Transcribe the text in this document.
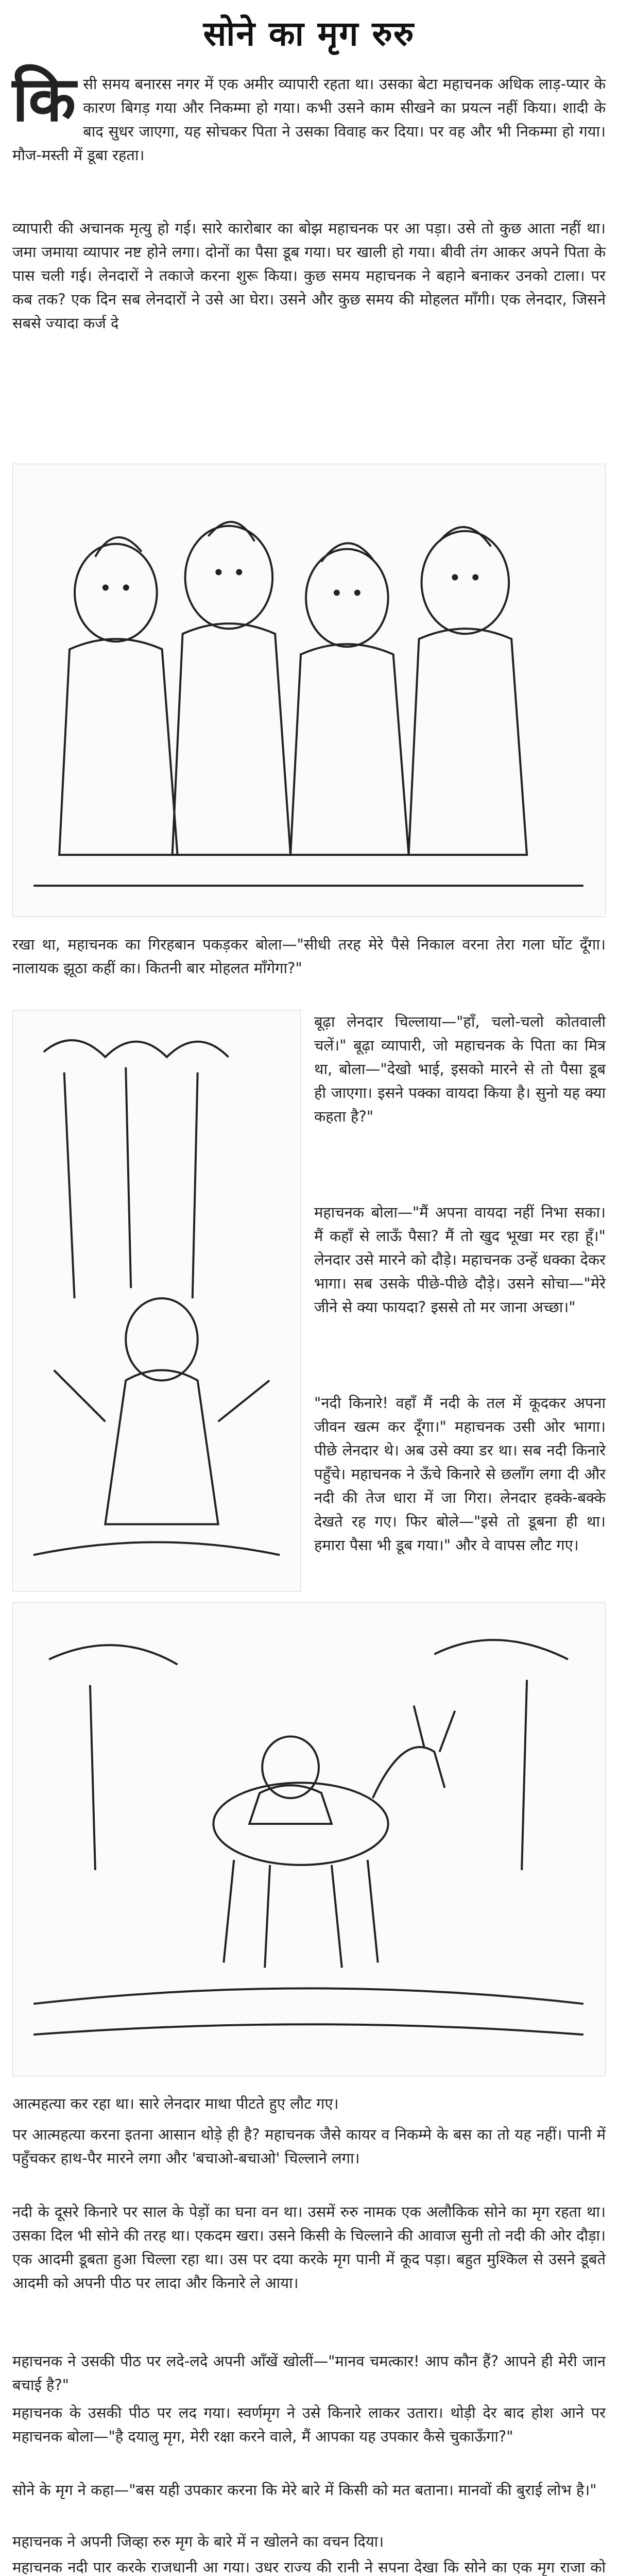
सोने का मृग रुरु
कि सी समय बनारस नगर में एक अमीर व्यापारी रहता था। उसका बेटा महाचनक अधिक लाड़-प्यार के कारण बिगड़ गया और निकम्मा हो गया। कभी उसने काम सीखने का प्रयत्न नहीं किया। शादी के बाद सुधर जाएगा, यह सोचकर पिता ने उसका विवाह कर दिया। पर वह और भी निकम्मा हो गया। मौज-मस्ती में डूबा रहता।

व्यापारी की अचानक मृत्यु हो गई। सारे कारोबार का बोझ महाचनक पर आ पड़ा। उसे तो कुछ आता नहीं था। जमा जमाया व्यापार नष्ट होने लगा। दोनों का पैसा डूब गया। घर खाली हो गया। बीवी तंग आकर अपने पिता के पास चली गई। लेनदारों ने तकाजे करना शुरू किया। कुछ समय महाचनक ने बहाने बनाकर उनको टाला। पर कब तक? एक दिन सब लेनदारों ने उसे आ घेरा। उसने और कुछ समय की मोहलत माँगी। एक लेनदार, जिसने सबसे ज्यादा कर्ज दे

रखा था, महाचनक का गिरहबान पकड़कर बोला—"सीधी तरह मेरे पैसे निकाल वरना तेरा गला घोंट दूँगा। नालायक झूठा कहीं का। कितनी बार मोहलत माँगेगा?"

बूढ़ा लेनदार चिल्लाया—"हाँ, चलो-चलो कोतवाली चलें।" बूढ़ा व्यापारी, जो महाचनक के पिता का मित्र था, बोला—"देखो भाई, इसको मारने से तो पैसा डूब ही जाएगा। इसने पक्का वायदा किया है। सुनो यह क्या कहता है?"

महाचनक बोला—"मैं अपना वायदा नहीं निभा सका। मैं कहाँ से लाऊँ पैसा? मैं तो खुद भूखा मर रहा हूँ।" लेनदार उसे मारने को दौड़े। महाचनक उन्हें धक्का देकर भागा। सब उसके पीछे-पीछे दौड़े। उसने सोचा—"मेरे जीने से क्या फायदा? इससे तो मर जाना अच्छा।"

"नदी किनारे! वहाँ मैं नदी के तल में कूदकर अपना जीवन खत्म कर दूँगा।" महाचनक उसी ओर भागा। पीछे लेनदार थे। अब उसे क्या डर था। सब नदी किनारे पहुँचे। महाचनक ने ऊँचे किनारे से छलाँग लगा दी और नदी की तेज धारा में जा गिरा। लेनदार हक्के-बक्के देखते रह गए। फिर बोले—"इसे तो डूबना ही था। हमारा पैसा भी डूब गया।" और वे वापस लौट गए।

आत्महत्या कर रहा था। सारे लेनदार माथा पीटते हुए लौट गए।

पर आत्महत्या करना इतना आसान थोड़े ही है? महाचनक जैसे कायर व निकम्मे के बस का तो यह नहीं। पानी में पहुँचकर हाथ-पैर मारने लगा और 'बचाओ-बचाओ' चिल्लाने लगा।

नदी के दूसरे किनारे पर साल के पेड़ों का घना वन था। उसमें रुरु नामक एक अलौकिक सोने का मृग रहता था। उसका दिल भी सोने की तरह था। एकदम खरा। उसने किसी के चिल्लाने की आवाज सुनी तो नदी की ओर दौड़ा। एक आदमी डूबता हुआ चिल्ला रहा था। उस पर दया करके मृग पानी में कूद पड़ा। बहुत मुश्किल से उसने डूबते आदमी को अपनी पीठ पर लादा और किनारे ले आया।

महाचनक ने उसकी पीठ पर लदे-लदे अपनी आँखें खोलीं—"मानव चमत्कार! आप कौन हैं? आपने ही मेरी जान बचाई है?"

महाचनक के उसकी पीठ पर लद गया। स्वर्णमृग ने उसे किनारे लाकर उतारा। थोड़ी देर बाद होश आने पर महाचनक बोला—"है दयालु मृग, मेरी रक्षा करने वाले, मैं आपका यह उपकार कैसे चुकाऊँगा?"

सोने के मृग ने कहा—"बस यही उपकार करना कि मेरे बारे में किसी को मत बताना। मानवों की बुराई लोभ है।"

महाचनक ने अपनी जिव्हा रुरु मृग के बारे में न खोलने का वचन दिया।

महाचनक नदी पार करके राजधानी आ गया। उधर राज्य की रानी ने सपना देखा कि सोने का एक मृग राजा को
